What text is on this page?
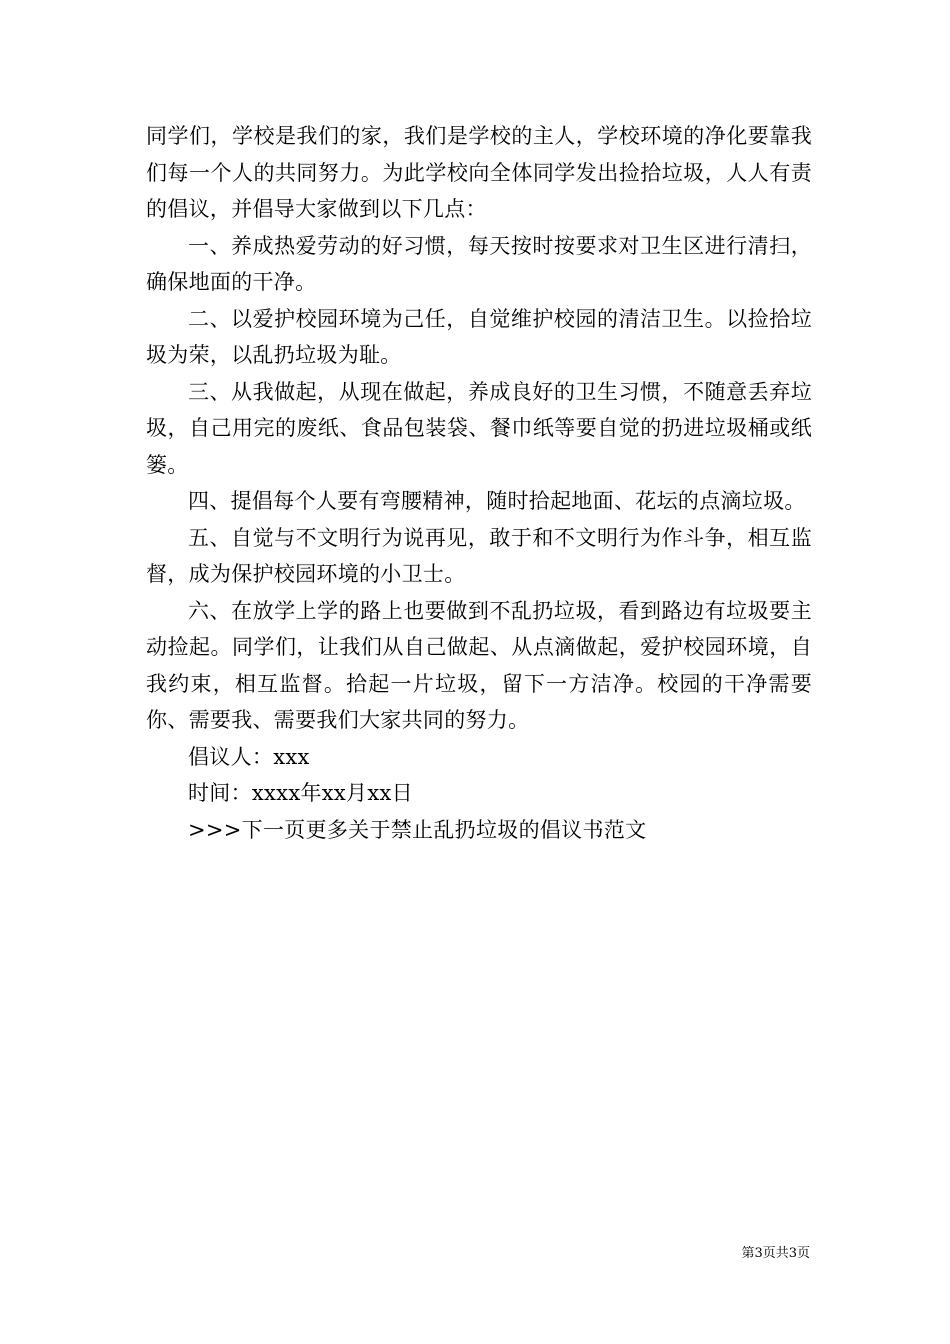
同学们，学校是我们的家，我们是学校的主人，学校环境的净化要靠我们每一个人的共同努力。为此学校向全体同学发出捡拾垃圾，人人有责的倡议，并倡导大家做到以下几点：

一、养成热爱劳动的好习惯，每天按时按要求对卫生区进行清扫，确保地面的干净。

二、以爱护校园环境为己任，自觉维护校园的清洁卫生。以捡拾垃圾为荣，以乱扔垃圾为耻。

三、从我做起，从现在做起，养成良好的卫生习惯，不随意丢弃垃圾，自己用完的废纸、食品包装袋、餐巾纸等要自觉的扔进垃圾桶或纸篓。

四、提倡每个人要有弯腰精神，随时拾起地面、花坛的点滴垃圾。

五、自觉与不文明行为说再见，敢于和不文明行为作斗争，相互监督，成为保护校园环境的小卫士。

六、在放学上学的路上也要做到不乱扔垃圾，看到路边有垃圾要主动捡起。同学们，让我们从自己做起、从点滴做起，爱护校园环境，自我约束，相互监督。拾起一片垃圾，留下一方洁净。校园的干净需要你、需要我、需要我们大家共同的努力。

倡议人：xxx

时间：xxxx年xx月xx日

>>>下一页更多关于禁止乱扔垃圾的倡议书范文

第3页共3页
